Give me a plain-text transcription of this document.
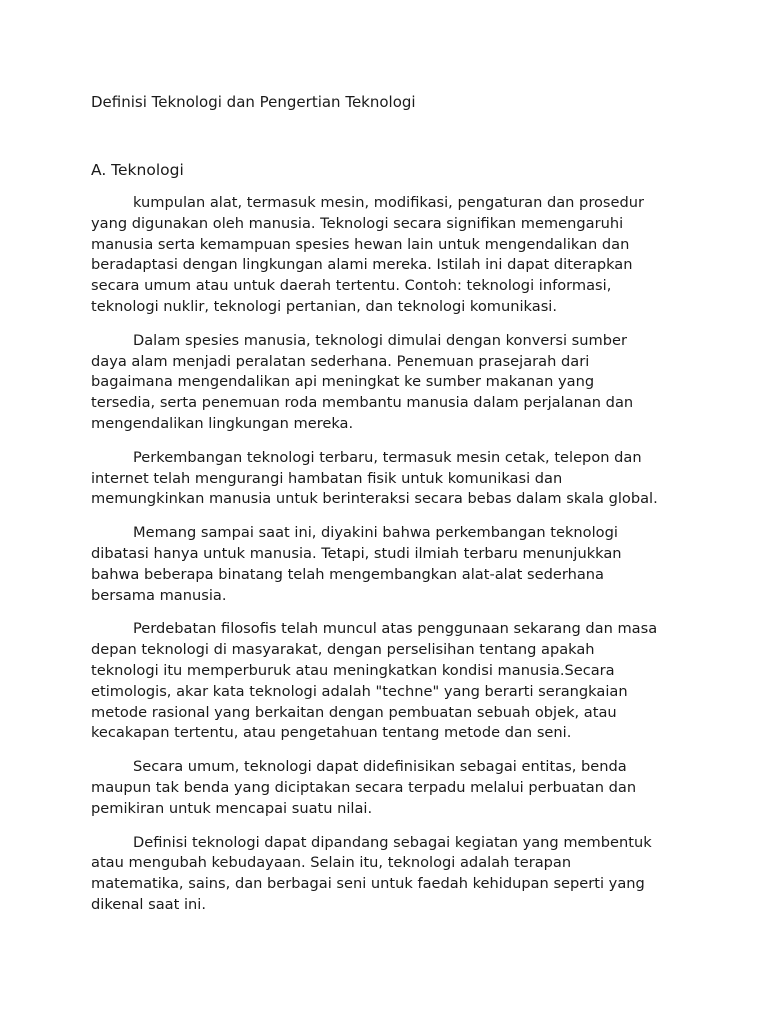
Definisi Teknologi dan Pengertian Teknologi
A. Teknologi

kumpulan alat, termasuk mesin, modifikasi, pengaturan dan prosedur
yang digunakan oleh manusia. Teknologi secara signifikan memengaruhi
manusia serta kemampuan spesies hewan lain untuk mengendalikan dan
beradaptasi dengan lingkungan alami mereka. Istilah ini dapat diterapkan
secara umum atau untuk daerah tertentu. Contoh: teknologi informasi,
teknologi nuklir, teknologi pertanian, dan teknologi komunikasi.

Dalam spesies manusia, teknologi dimulai dengan konversi sumber
daya alam menjadi peralatan sederhana. Penemuan prasejarah dari
bagaimana mengendalikan api meningkat ke sumber makanan yang
tersedia, serta penemuan roda membantu manusia dalam perjalanan dan
mengendalikan lingkungan mereka.

Perkembangan teknologi terbaru, termasuk mesin cetak, telepon dan
internet telah mengurangi hambatan fisik untuk komunikasi dan
memungkinkan manusia untuk berinteraksi secara bebas dalam skala global.

Memang sampai saat ini, diyakini bahwa perkembangan teknologi
dibatasi hanya untuk manusia. Tetapi, studi ilmiah terbaru menunjukkan
bahwa beberapa binatang telah mengembangkan alat-alat sederhana
bersama manusia.

Perdebatan filosofis telah muncul atas penggunaan sekarang dan masa
depan teknologi di masyarakat, dengan perselisihan tentang apakah
teknologi itu memperburuk atau meningkatkan kondisi manusia.Secara
etimologis, akar kata teknologi adalah "techne" yang berarti serangkaian
metode rasional yang berkaitan dengan pembuatan sebuah objek, atau
kecakapan tertentu, atau pengetahuan tentang metode dan seni.

Secara umum, teknologi dapat didefinisikan sebagai entitas, benda
maupun tak benda yang diciptakan secara terpadu melalui perbuatan dan
pemikiran untuk mencapai suatu nilai.

Definisi teknologi dapat dipandang sebagai kegiatan yang membentuk
atau mengubah kebudayaan. Selain itu, teknologi adalah terapan
matematika, sains, dan berbagai seni untuk faedah kehidupan seperti yang
dikenal saat ini.
